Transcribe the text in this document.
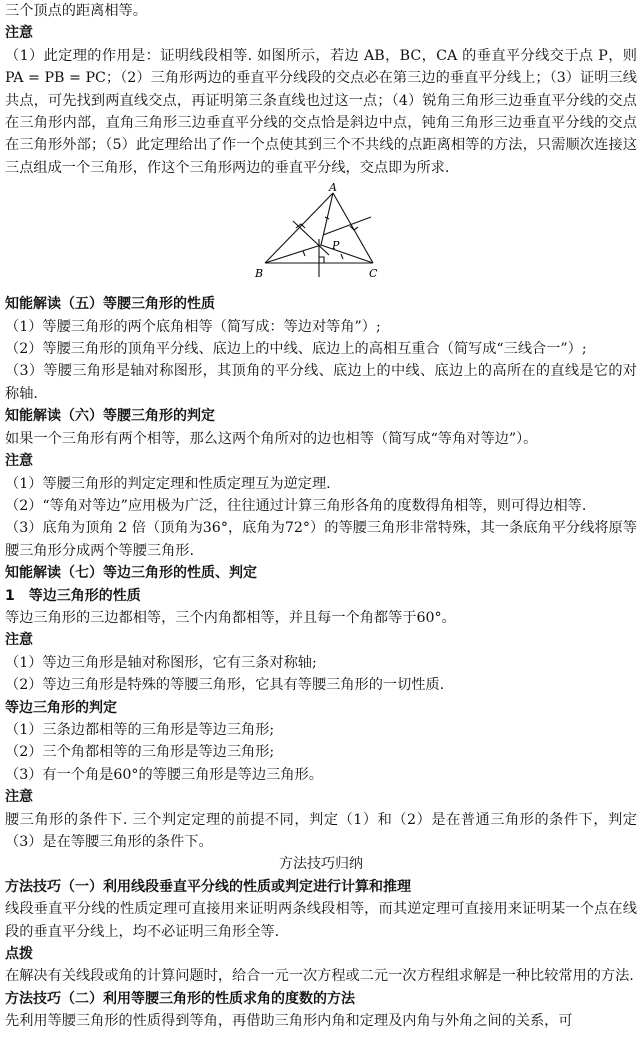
三个顶点的距离相等。

注意

（1）此定理的作用是：证明线段相等. 如图所示，若边 AB，BC，CA 的垂直平分线交于点 P，则 PA = PB = PC；（2）三角形两边的垂直平分线段的交点必在第三边的垂直平分线上；（3）证明三线共点，可先找到两直线交点，再证明第三条直线也过这一点；（4）锐角三角形三边垂直平分线的交点在三角形内部，直角三角形三边垂直平分线的交点恰是斜边中点，钝角三角形三边垂直平分线的交点在三角形外部；（5）此定理给出了作一个点使其到三个不共线的点距离相等的方法，只需顺次连接这三点组成一个三角形，作这个三角形两边的垂直平分线，交点即为所求.

A
B	C
P

知能解读（五）等腰三角形的性质

（1）等腰三角形的两个底角相等（简写成：等边对等角”）;

（2）等腰三角形的顶角平分线、底边上的中线、底边上的高相互重合（简写成“三线合一”）;

（3）等腰三角形是轴对称图形，其顶角的平分线、底边上的中线、底边上的高所在的直线是它的对称轴.

知能解读（六）等腰三角形的判定

如果一个三角形有两个相等，那么这两个角所对的边也相等（简写成“等角对等边”）。

注意

（1）等腰三角形的判定定理和性质定理互为逆定理.

（2）“等角对等边”应用极为广泛，往往通过计算三角形各角的度数得角相等，则可得边相等.

（3）底角为顶角 2 倍（顶角为36°，底角为72°）的等腰三角形非常特殊，其一条底角平分线将原等腰三角形分成两个等腰三角形.

知能解读（七）等边三角形的性质、判定

1　等边三角形的性质

等边三角形的三边都相等，三个内角都相等，并且每一个角都等于60°。

注意

（1）等边三角形是轴对称图形，它有三条对称轴;

（2）等边三角形是特殊的等腰三角形，它具有等腰三角形的一切性质.

等边三角形的判定

（1）三条边都相等的三角形是等边三角形;

（2）三个角都相等的三角形是等边三角形;

（3）有一个角是60°的等腰三角形是等边三角形。

注意

腰三角形的条件下. 三个判定定理的前提不同，判定（1）和（2）是在普通三角形的条件下，判定（3）是在等腰三角形的条件下。

方法技巧归纳

方法技巧（一）利用线段垂直平分线的性质或判定进行计算和推理

线段垂直平分线的性质定理可直接用来证明两条线段相等，而其逆定理可直接用来证明某一个点在线段的垂直平分线上，均不必证明三角形全等.

点拨

在解决有关线段或角的计算问题时，给合一元一次方程或二元一次方程组求解是一种比较常用的方法.

方法技巧（二）利用等腰三角形的性质求角的度数的方法

先利用等腰三角形的性质得到等角，再借助三角形内角和定理及内角与外角之间的关系，可
